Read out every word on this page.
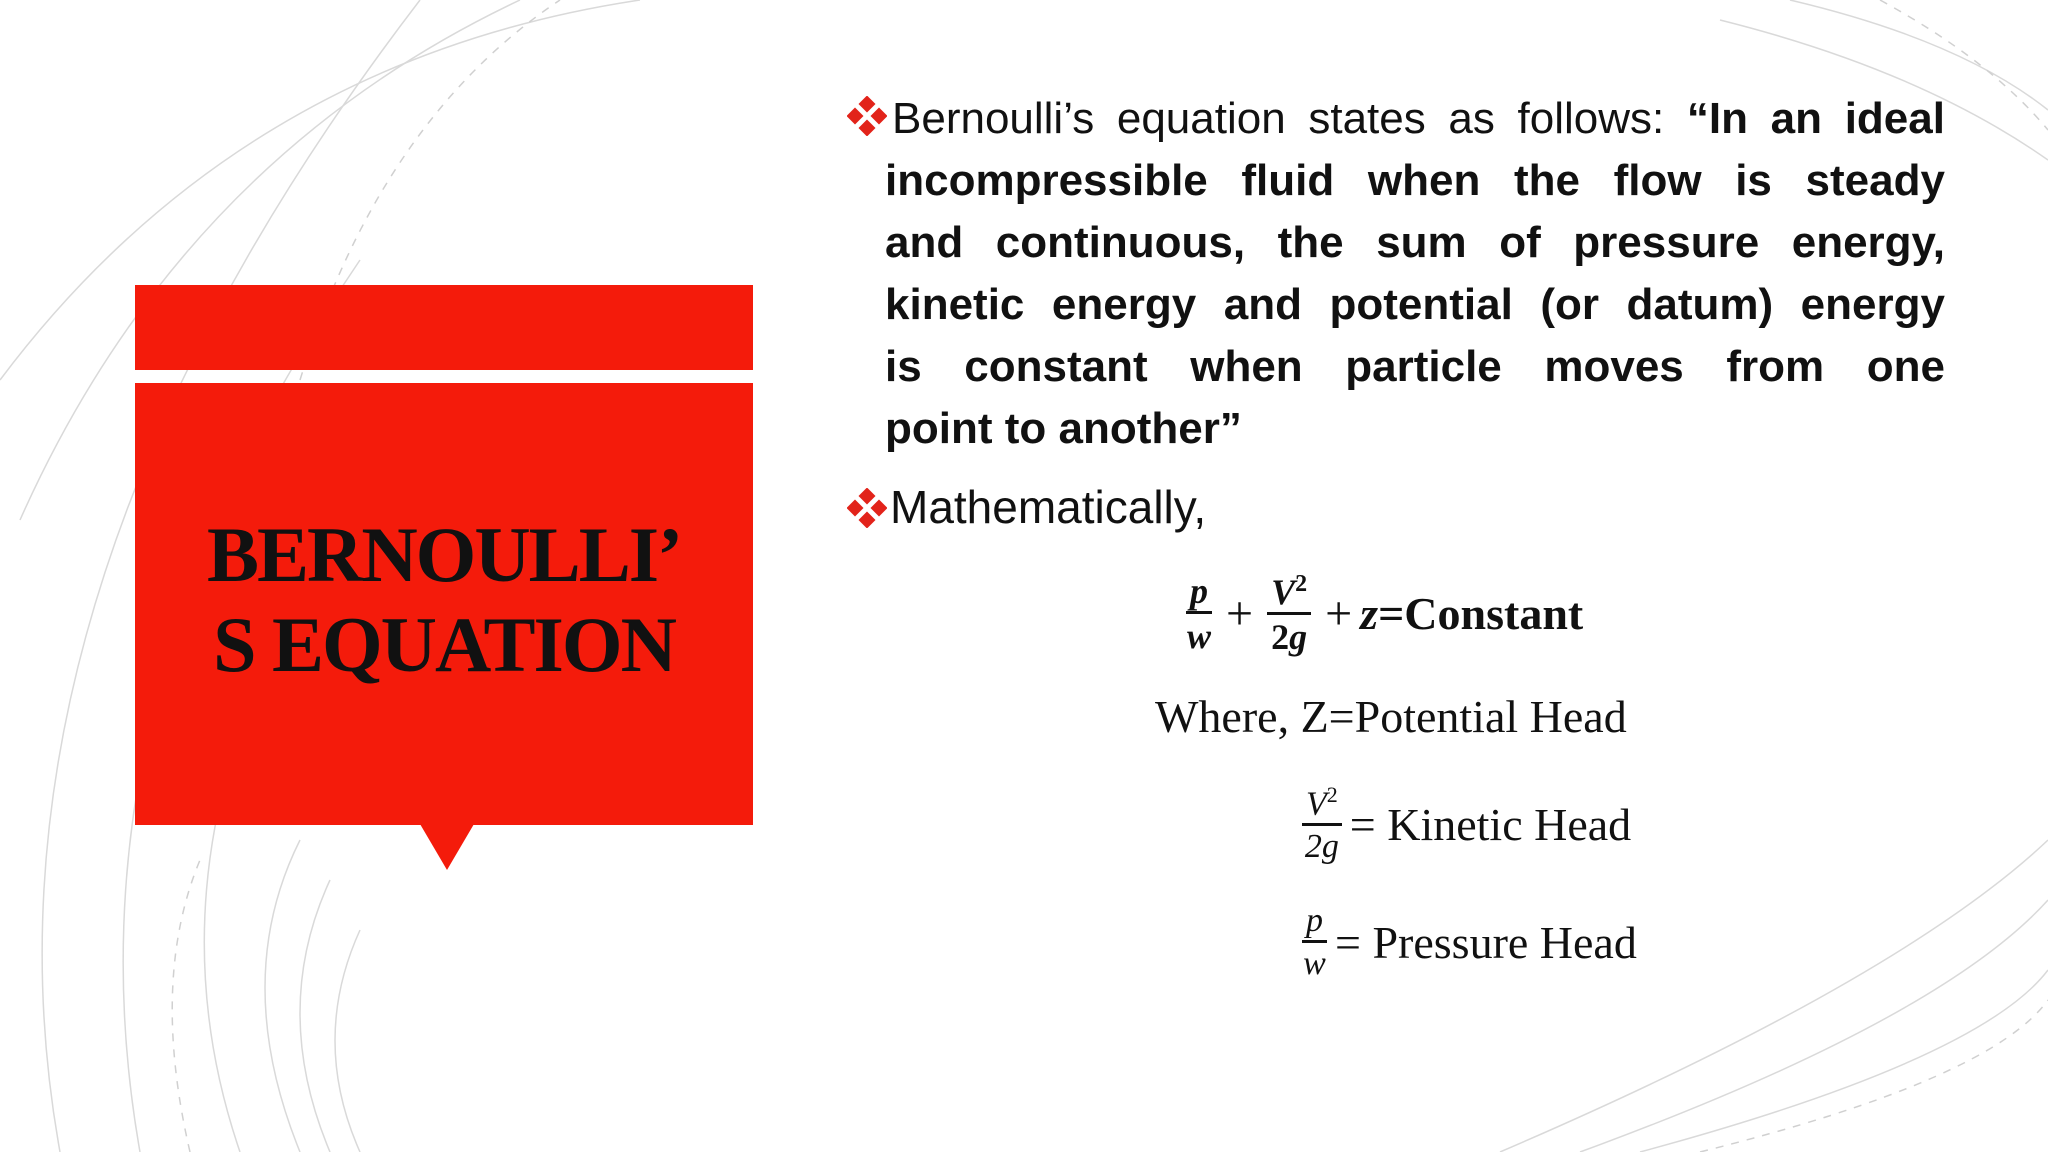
BERNOULLI’
S EQUATION
Bernoulli’s equation states as follows: “In an ideal
incompressible fluid when the flow is steady
and continuous, the sum of pressure energy,
kinetic energy and potential (or datum) energy
is constant when particle moves from one
point to another”
Mathematically,
$\frac{p}{w} + \frac{V^2}{2g} + z$ =Constant
Where, Z=Potential Head
$\frac{V^2}{2g}$ = Kinetic Head
$\frac{p}{w}$ = Pressure Head
